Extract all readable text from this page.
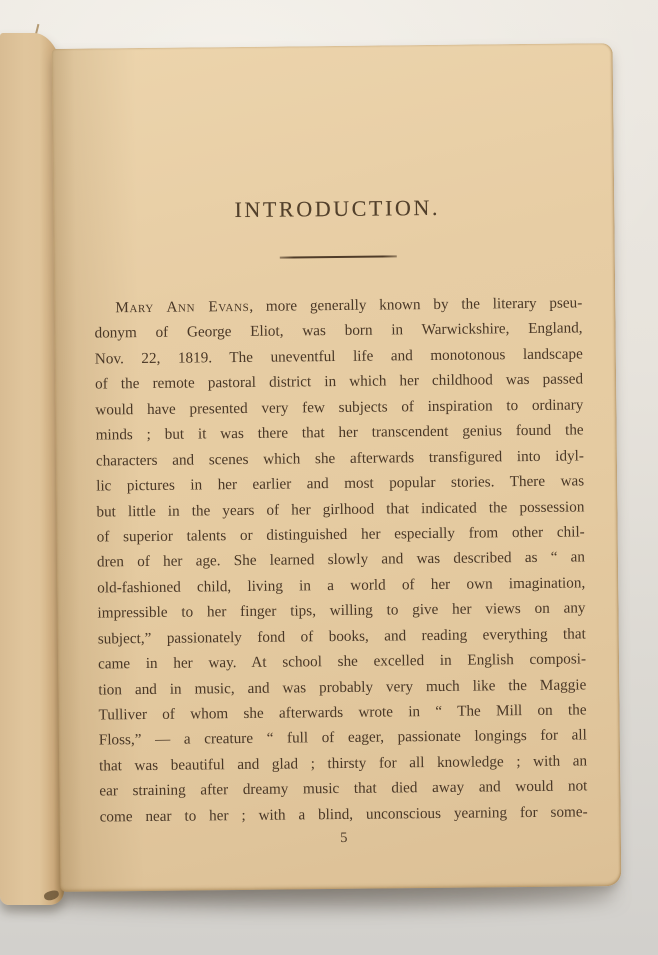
INTRODUCTION.
Mary Ann Evans, more generally known by the literary pseu-
donym of George Eliot, was born in Warwickshire, England,
Nov. 22, 1819. The uneventful life and monotonous landscape
of the remote pastoral district in which her childhood was passed
would have presented very few subjects of inspiration to ordinary
minds ; but it was there that her transcendent genius found the
characters and scenes which she afterwards transfigured into idyl-
lic pictures in her earlier and most popular stories. There was
but little in the years of her girlhood that indicated the possession
of superior talents or distinguished her especially from other chil-
dren of her age. She learned slowly and was described as “ an
old-fashioned child, living in a world of her own imagination,
impressible to her finger tips, willing to give her views on any
subject,” passionately fond of books, and reading everything that
came in her way. At school she excelled in English composi-
tion and in music, and was probably very much like the Maggie
Tulliver of whom she afterwards wrote in “ The Mill on the
Floss,” — a creature “ full of eager, passionate longings for all
that was beautiful and glad ; thirsty for all knowledge ; with an
ear straining after dreamy music that died away and would not
come near to her ; with a blind, unconscious yearning for some-
5
